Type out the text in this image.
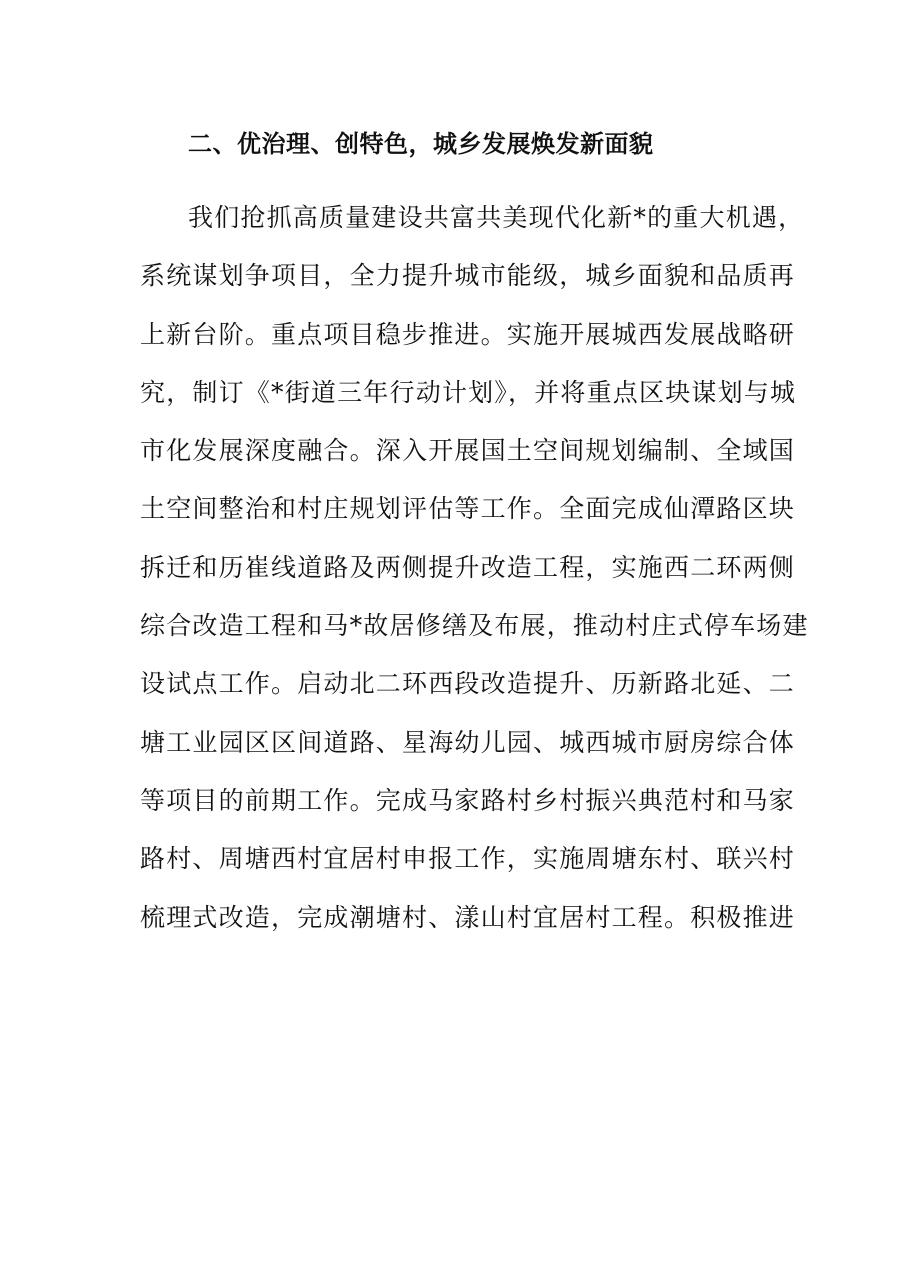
二、优治理、创特色，城乡发展焕发新面貌
我们抢抓高质量建设共富共美现代化新*的重大机遇，
系统谋划争项目，全力提升城市能级，城乡面貌和品质再
上新台阶。重点项目稳步推进。实施开展城西发展战略研
究，制订《*街道三年行动计划》，并将重点区块谋划与城
市化发展深度融合。深入开展国土空间规划编制、全域国
土空间整治和村庄规划评估等工作。全面完成仙潭路区块
拆迁和历崔线道路及两侧提升改造工程，实施西二环两侧
综合改造工程和马*故居修缮及布展，推动村庄式停车场建
设试点工作。启动北二环西段改造提升、历新路北延、二
塘工业园区区间道路、星海幼儿园、城西城市厨房综合体
等项目的前期工作。完成马家路村乡村振兴典范村和马家
路村、周塘西村宜居村申报工作，实施周塘东村、联兴村
梳理式改造，完成潮塘村、漾山村宜居村工程。积极推进
